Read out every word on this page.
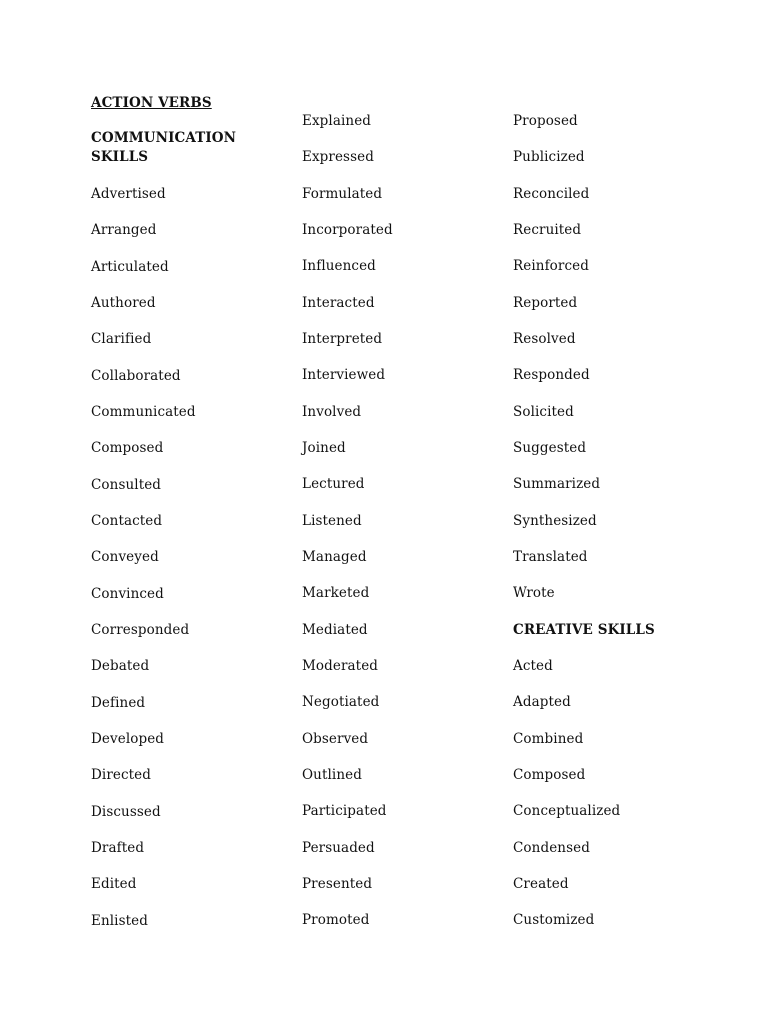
ACTION VERBS
COMMUNICATION SKILLS
Advertised
Arranged
Articulated
Authored
Clarified
Collaborated
Communicated
Composed
Consulted
Contacted
Conveyed
Convinced
Corresponded
Debated
Defined
Developed
Directed
Discussed
Drafted
Edited
Enlisted
Explained
Expressed
Formulated
Incorporated
Influenced
Interacted
Interpreted
Interviewed
Involved
Joined
Lectured
Listened
Managed
Marketed
Mediated
Moderated
Negotiated
Observed
Outlined
Participated
Persuaded
Presented
Promoted
Proposed
Publicized
Reconciled
Recruited
Reinforced
Reported
Resolved
Responded
Solicited
Suggested
Summarized
Synthesized
Translated
Wrote
CREATIVE SKILLS
Acted
Adapted
Combined
Composed
Conceptualized
Condensed
Created
Customized
